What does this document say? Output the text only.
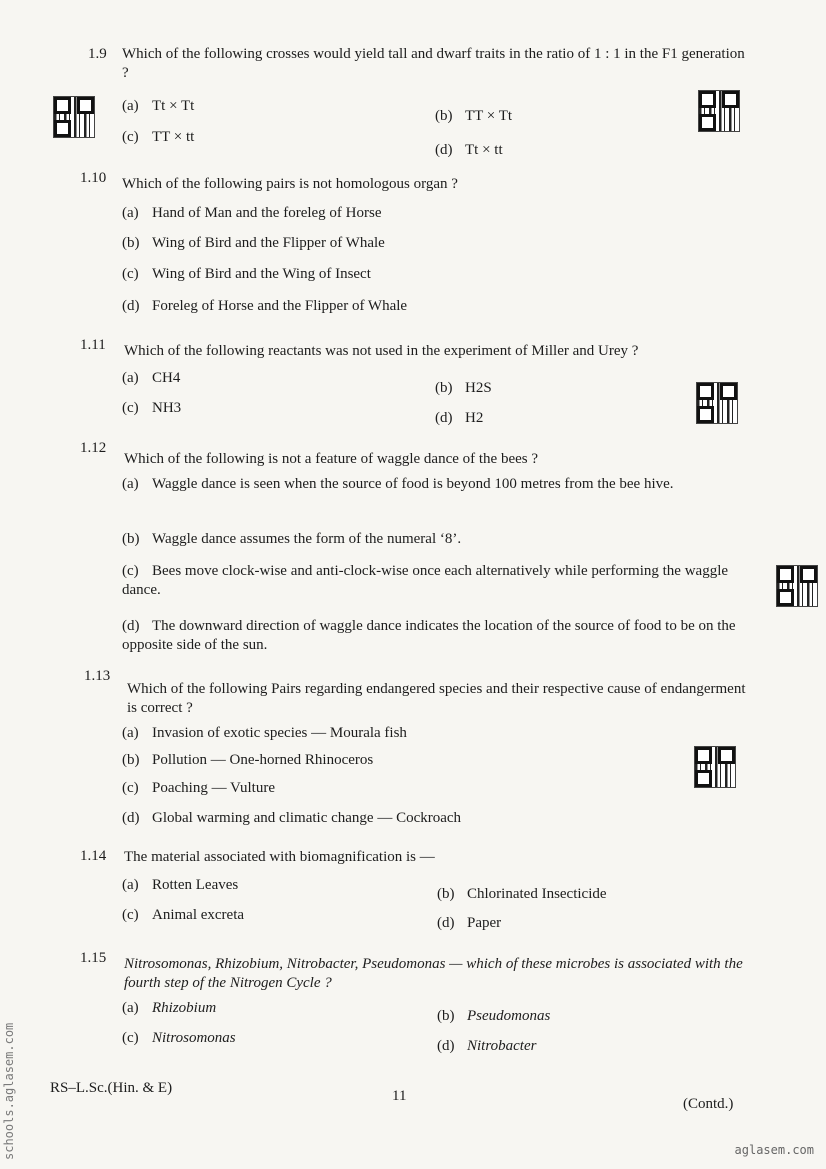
1.9 Which of the following crosses would yield tall and dwarf traits in the ratio of 1 : 1 in the F1 generation ?
(a) Tt × Tt
(b) TT × Tt
(c) TT × tt
(d) Tt × tt
1.10 Which of the following pairs is not homologous organ ?
(a) Hand of Man and the foreleg of Horse
(b) Wing of Bird and the Flipper of Whale
(c) Wing of Bird and the Wing of Insect
(d) Foreleg of Horse and the Flipper of Whale
1.11 Which of the following reactants was not used in the experiment of Miller and Urey ?
(a) CH4
(b) H2S
(c) NH3
(d) H2
1.12
Which of the following is not a feature of waggle dance of the bees ?
(a) Waggle dance is seen when the source of food is beyond 100 metres from the bee hive.
(b) Waggle dance assumes the form of the numeral ‘8’.
(c) Bees move clock-wise and anti-clock-wise once each alternatively while performing the waggle dance.
(d) The downward direction of waggle dance indicates the location of the source of food to be on the opposite side of the sun.
1.13
Which of the following Pairs regarding endangered species and their respective cause of endangerment is correct ?
(a) Invasion of exotic species — Mourala fish
(b) Pollution — One-horned Rhinoceros
(c) Poaching — Vulture
(d) Global warming and climatic change — Cockroach
1.14 The material associated with biomagnification is —
(a) Rotten Leaves
(b) Chlorinated Insecticide
(c) Animal excreta	(d) Paper
1.15 Nitrosomonas, Rhizobium, Nitrobacter, Pseudomonas — which of these microbes is associated with the fourth step of the Nitrogen Cycle ?
(a) Rhizobium	(b) Pseudomonas
(c) Nitrosomonas	(d) Nitrobacter
RS–L.Sc.(Hin. & E)	11	(Contd.)
schools.aglasem.com	aglasem.com
